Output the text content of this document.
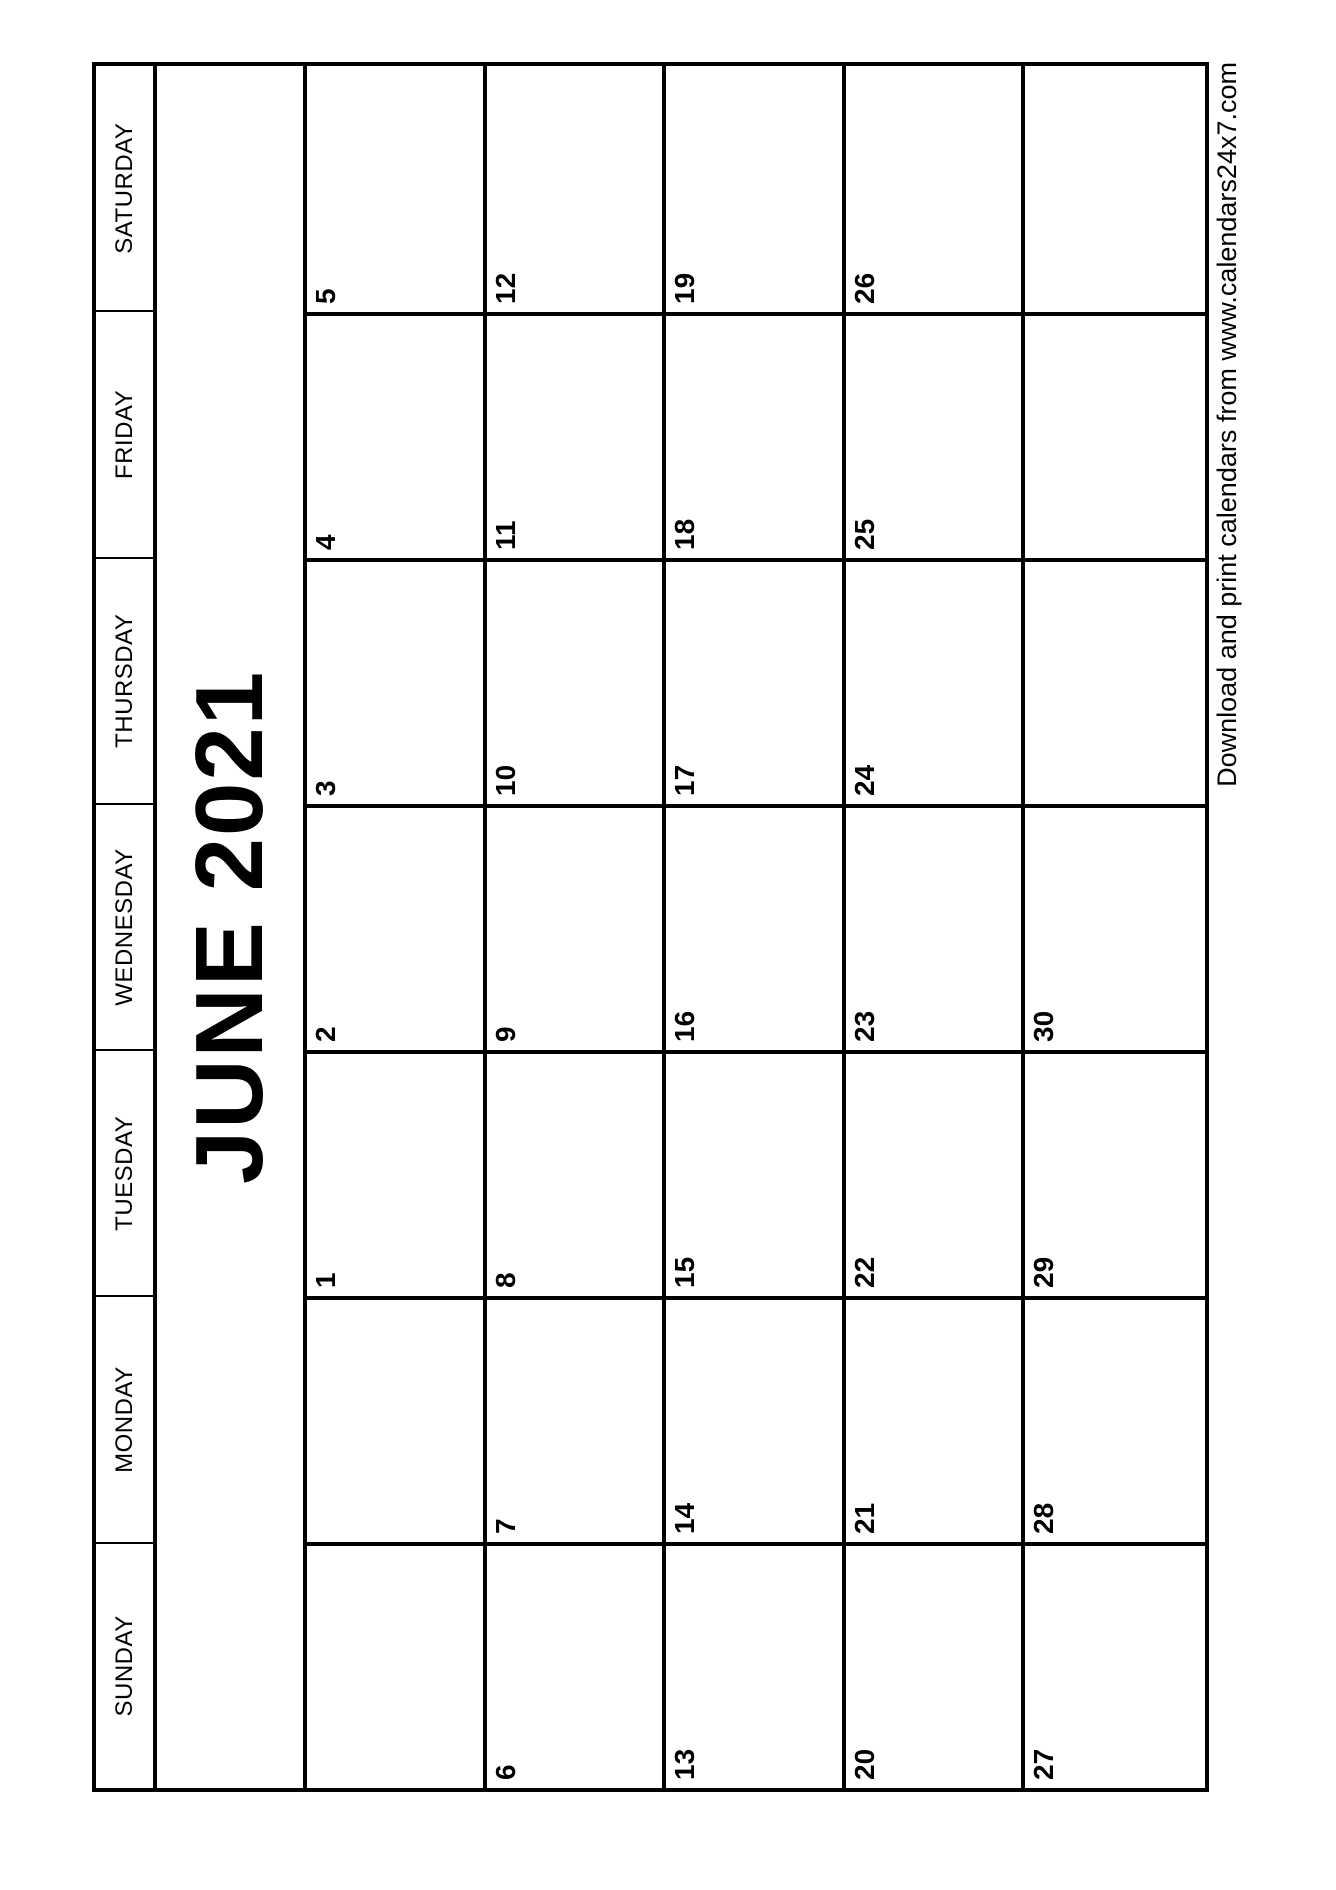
SUNDAY
MONDAY
TUESDAY
WEDNESDAY
THURSDAY
FRIDAY
SATURDAY
JUNE 2021
1
2
3
4
5
6
7
8
9
10
11
12
13
14
15
16
17
18
19
20
21
22
23
24
25
26
27
28
29
30
Download and print calendars from www.calendars24x7.com
